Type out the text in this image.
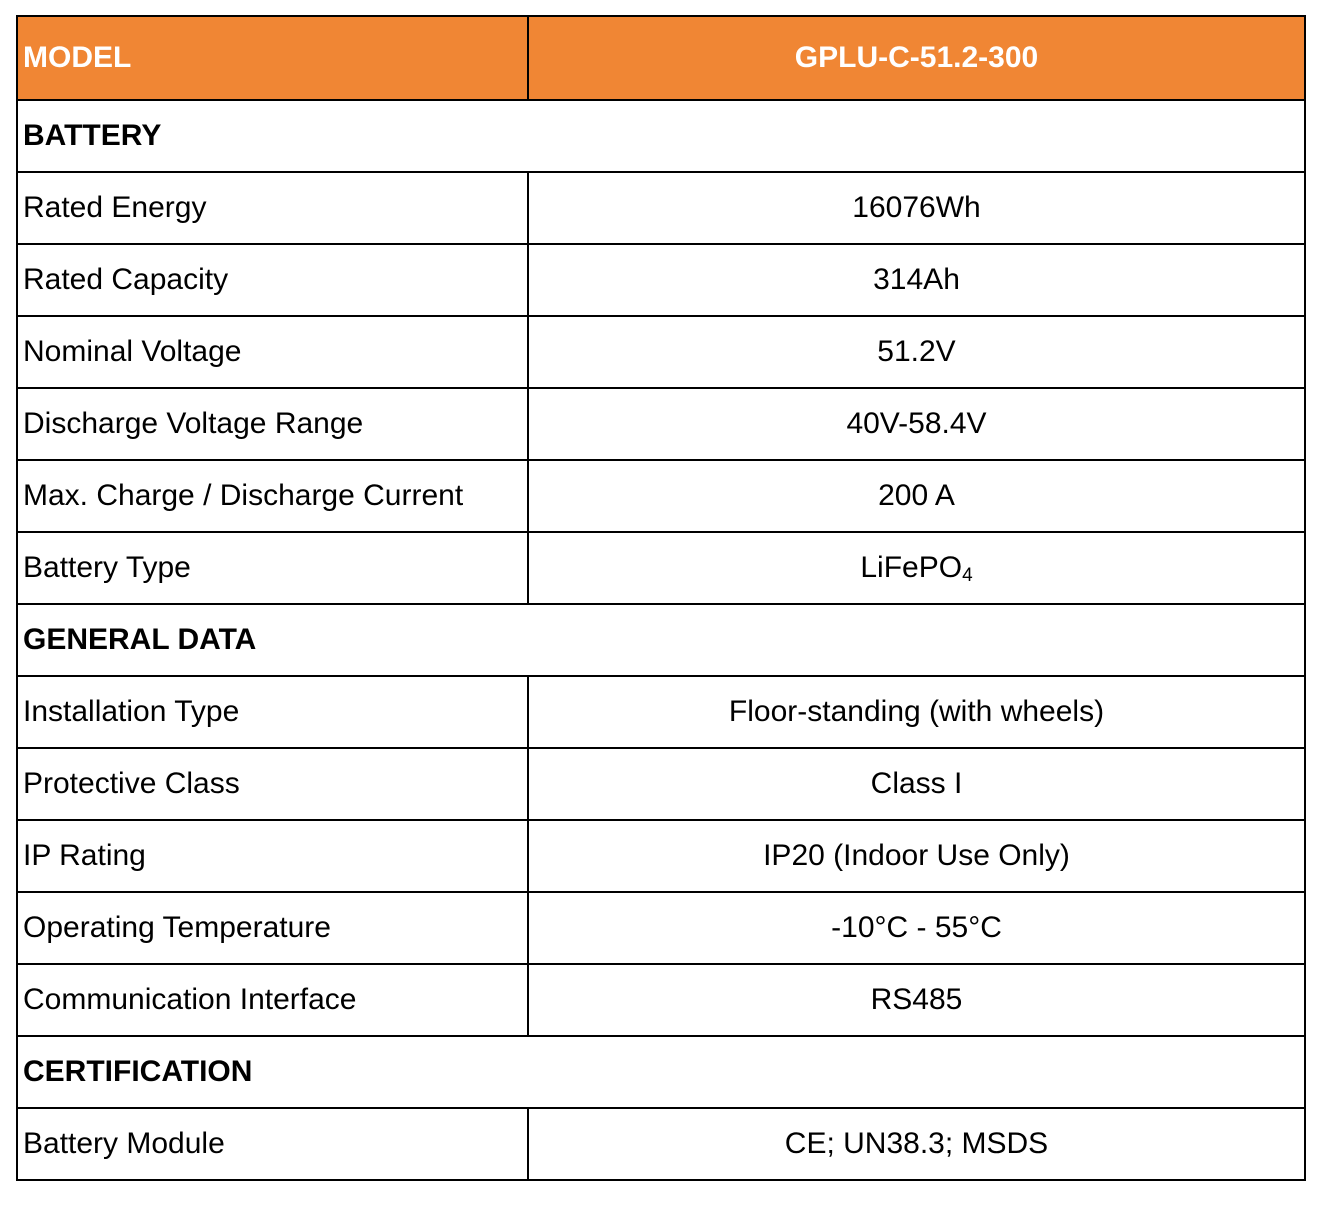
MODEL	GPLU-C-51.2-300
BATTERY	
Rated Energy	16076Wh
Rated Capacity	314Ah
Nominal Voltage	51.2V
Discharge Voltage Range	40V-58.4V
Max. Charge / Discharge Current	200 A
Battery Type	LiFePO4
GENERAL DATA	
Installation Type	Floor-standing (with wheels)
Protective Class	Class I
IP Rating	IP20 (Indoor Use Only)
Operating Temperature	-10°C - 55°C
Communication Interface	RS485
CERTIFICATION	
Battery Module	CE; UN38.3; MSDS
